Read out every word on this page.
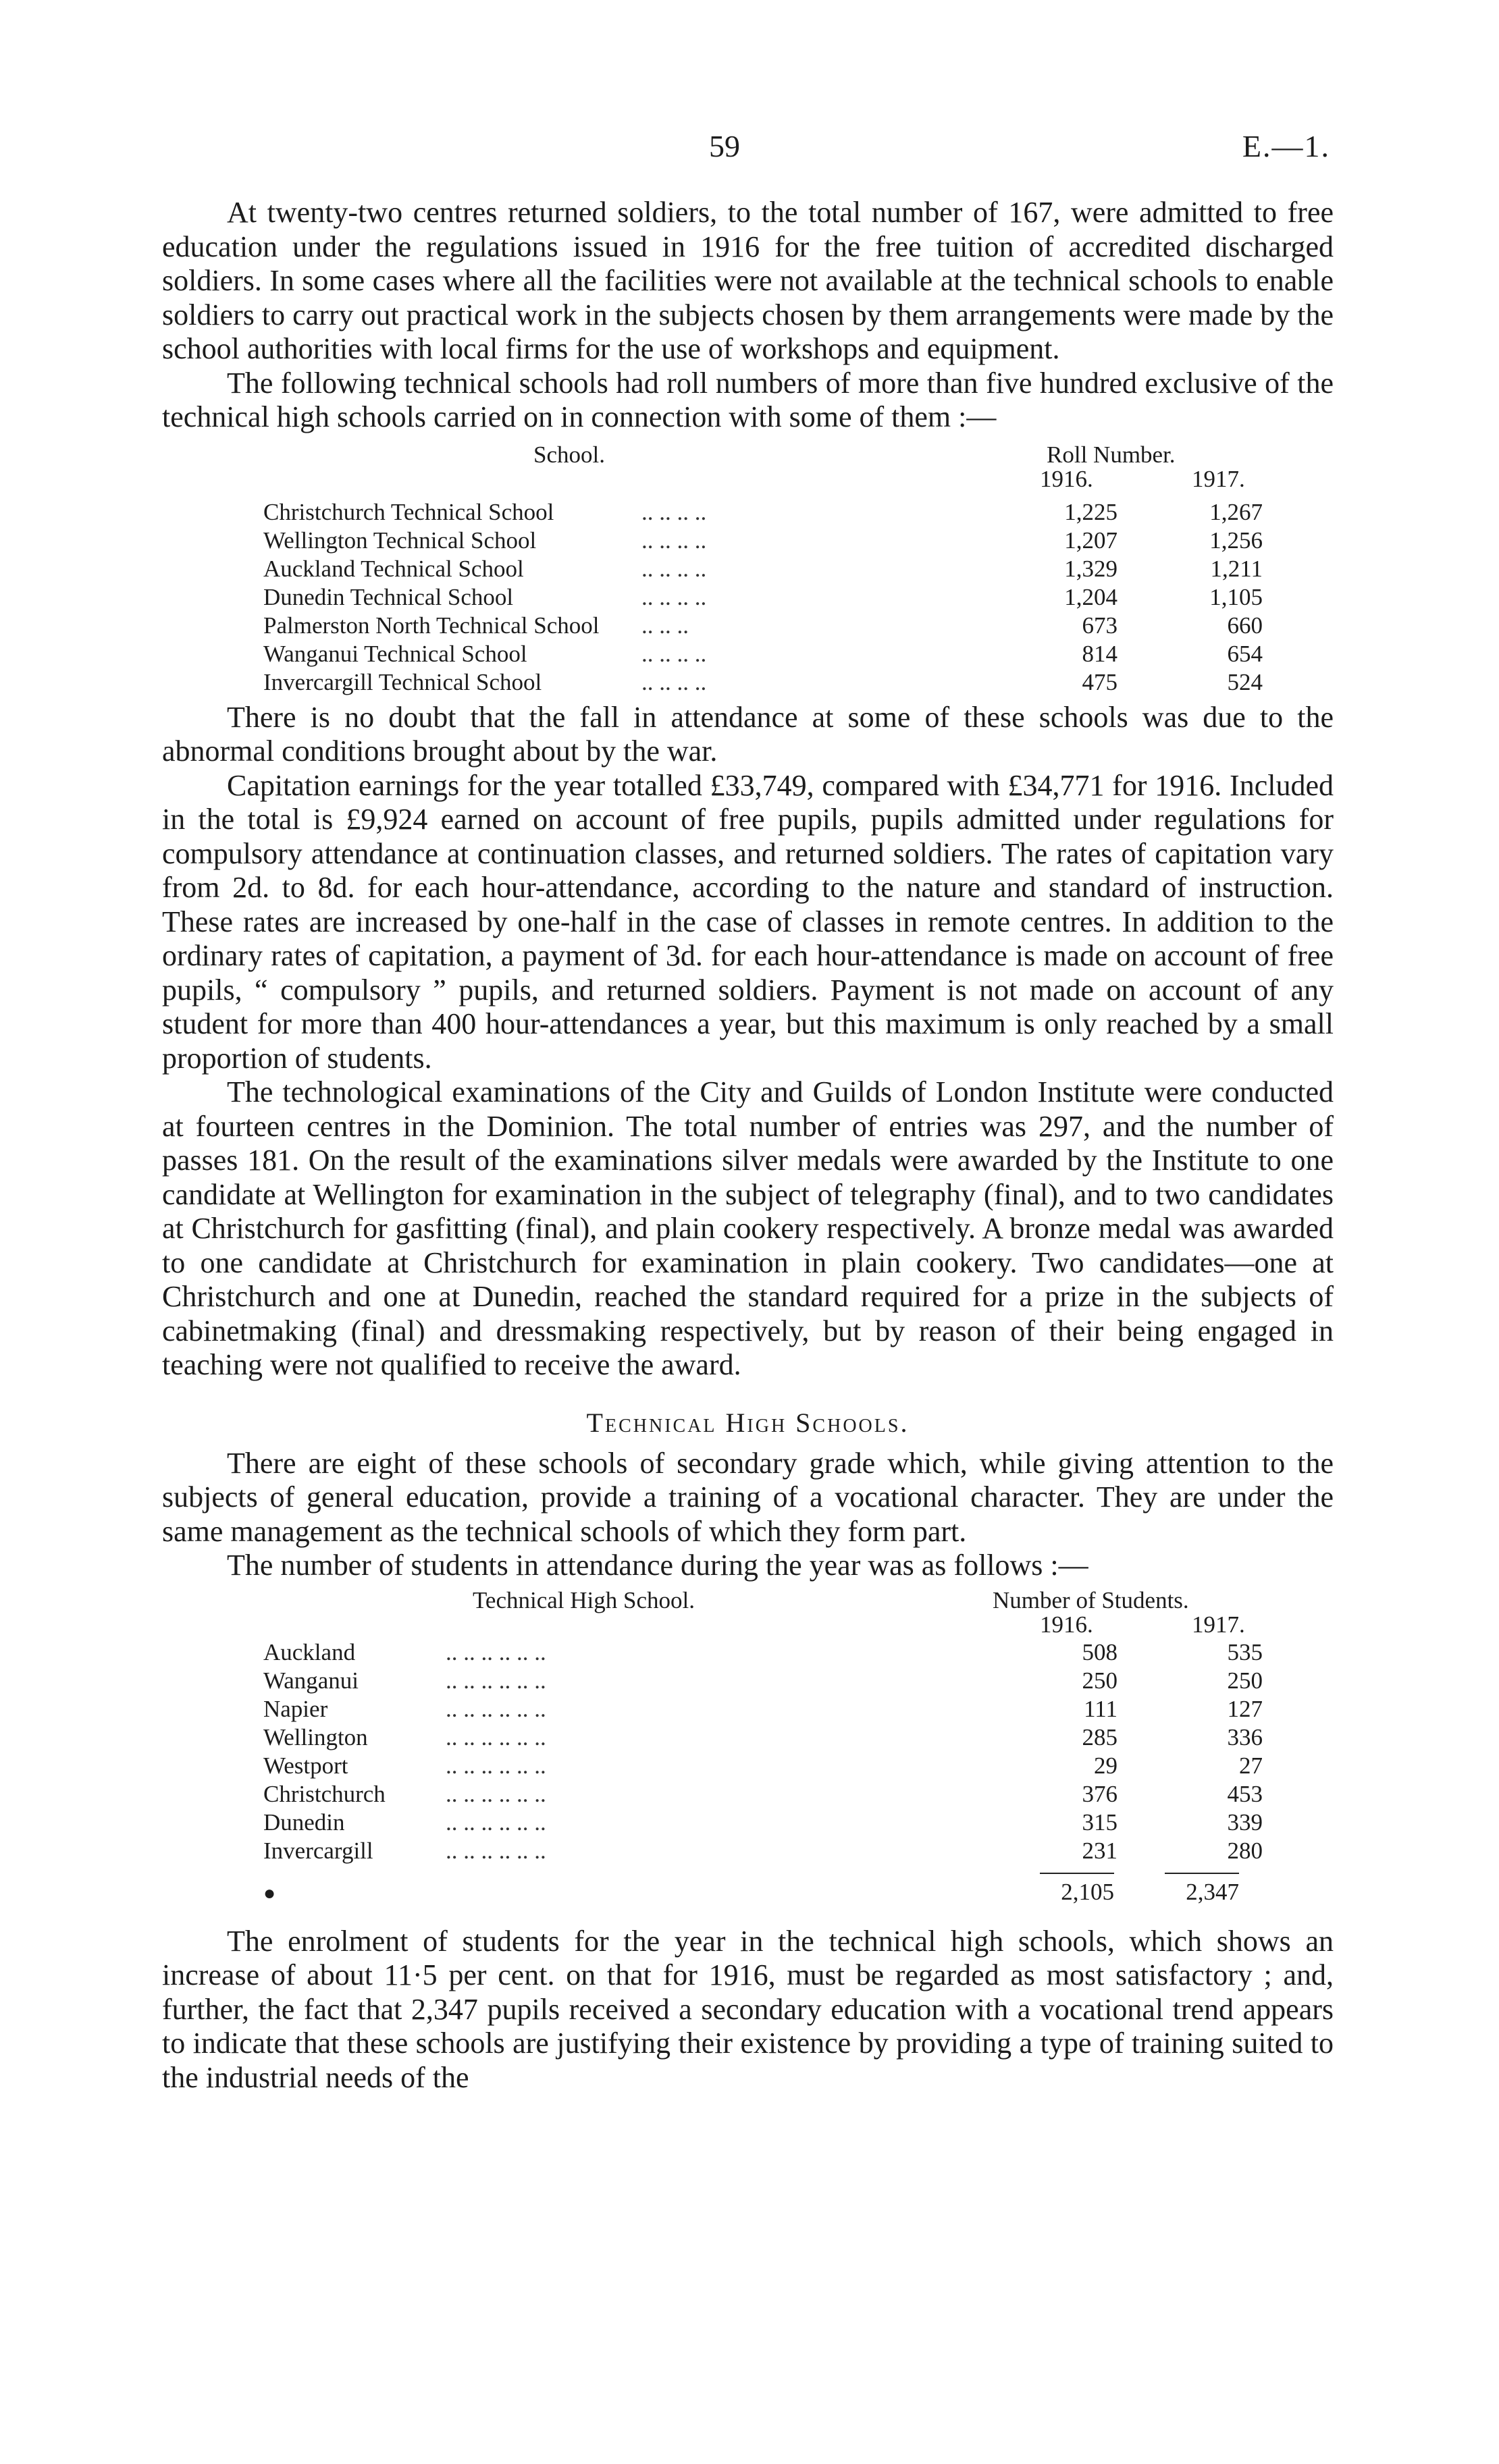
59	E.—1.

At twenty-two centres returned soldiers, to the total number of 167, were admitted to free education under the regulations issued in 1916 for the free tuition of accredited discharged soldiers. In some cases where all the facilities were not available at the technical schools to enable soldiers to carry out practical work in the subjects chosen by them arrangements were made by the school authorities with local firms for the use of workshops and equipment.

The following technical schools had roll numbers of more than five hundred exclusive of the technical high schools carried on in connection with some of them :—

School.	Roll Number.
1916.	1917.
Christchurch Technical School	.. .. .. ..	1,225	1,267
Wellington Technical School	.. .. .. ..	1,207	1,256
Auckland Technical School	.. .. .. ..	1,329	1,211
Dunedin Technical School	.. .. .. ..	1,204	1,105
Palmerston North Technical School	.. .. ..	673	660
Wanganui Technical School	.. .. .. ..	814	654
Invercargill Technical School	.. .. .. ..	475	524

There is no doubt that the fall in attendance at some of these schools was due to the abnormal conditions brought about by the war.

Capitation earnings for the year totalled £33,749, compared with £34,771 for 1916. Included in the total is £9,924 earned on account of free pupils, pupils admitted under regulations for compulsory attendance at continuation classes, and returned soldiers. The rates of capitation vary from 2d. to 8d. for each hour-attendance, according to the nature and standard of instruction. These rates are increased by one-half in the case of classes in remote centres. In addition to the ordinary rates of capitation, a payment of 3d. for each hour-attendance is made on account of free pupils, “ compulsory ” pupils, and returned soldiers. Payment is not made on account of any student for more than 400 hour-attendances a year, but this maximum is only reached by a small proportion of students.

The technological examinations of the City and Guilds of London Institute were conducted at fourteen centres in the Dominion. The total number of entries was 297, and the number of passes 181. On the result of the examinations silver medals were awarded by the Institute to one candidate at Wellington for examination in the subject of telegraphy (final), and to two candidates at Christchurch for gasfitting (final), and plain cookery respectively. A bronze medal was awarded to one candidate at Christchurch for examination in plain cookery. Two candidates—one at Christchurch and one at Dunedin, reached the standard required for a prize in the subjects of cabinetmaking (final) and dressmaking respectively, but by reason of their being engaged in teaching were not qualified to receive the award.

Technical High Schools.

There are eight of these schools of secondary grade which, while giving attention to the subjects of general education, provide a training of a vocational character. They are under the same management as the technical schools of which they form part.

The number of students in attendance during the year was as follows :—

Technical High School.	Number of Students.
1916.	1917.
Auckland	.. .. .. .. .. ..	508	535
Wanganui	.. .. .. .. .. ..	250	250
Napier	.. .. .. .. .. ..	111	127
Wellington	.. .. .. .. .. ..	285	336
Westport	.. .. .. .. .. ..	29	27
Christchurch	.. .. .. .. .. ..	376	453
Dunedin	.. .. .. .. .. ..	315	339
Invercargill	.. .. .. .. .. ..	231	280
●	2,105	2,347

The enrolment of students for the year in the technical high schools, which shows an increase of about 11·5 per cent. on that for 1916, must be regarded as most satisfactory ; and, further, the fact that 2,347 pupils received a secondary education with a vocational trend appears to indicate that these schools are justifying their existence by providing a type of training suited to the industrial needs of the
